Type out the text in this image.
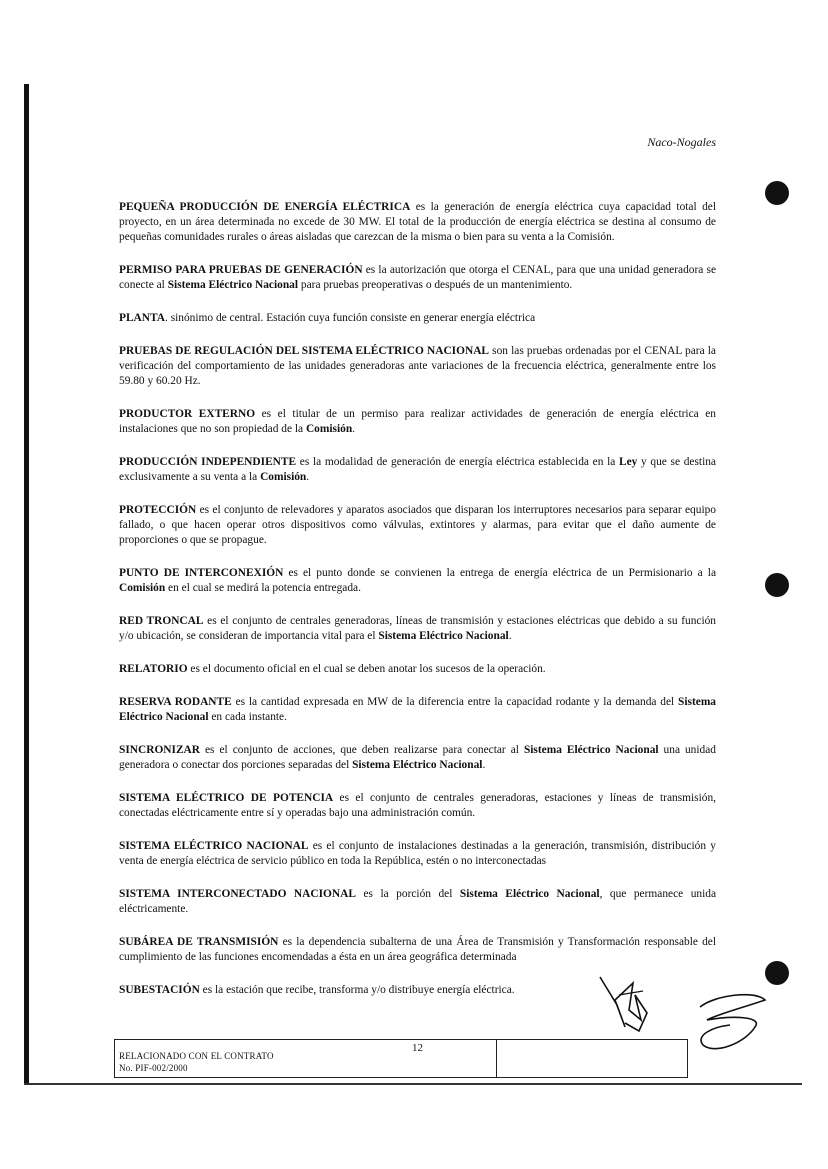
Naco-Nogales

PEQUEÑA PRODUCCIÓN DE ENERGÍA ELÉCTRICA es la generación de energía eléctrica cuya capacidad total del proyecto, en un área determinada no excede de 30 MW. El total de la producción de energía eléctrica se destina al consumo de pequeñas comunidades rurales o áreas aisladas que carezcan de la misma o bien para su venta a la Comisión.

PERMISO PARA PRUEBAS DE GENERACIÓN es la autorización que otorga el CENAL, para que una unidad generadora se conecte al Sistema Eléctrico Nacional para pruebas preoperativas o después de un mantenimiento.

PLANTA. sinónimo de central. Estación cuya función consiste en generar energía eléctrica

PRUEBAS DE REGULACIÓN DEL SISTEMA ELÉCTRICO NACIONAL son las pruebas ordenadas por el CENAL para la verificación del comportamiento de las unidades generadoras ante variaciones de la frecuencia eléctrica, generalmente entre los 59.80 y 60.20 Hz.

PRODUCTOR EXTERNO es el titular de un permiso para realizar actividades de generación de energía eléctrica en instalaciones que no son propiedad de la Comisión.

PRODUCCIÓN INDEPENDIENTE es la modalidad de generación de energía eléctrica establecida en la Ley y que se destina exclusivamente a su venta a la Comisión.

PROTECCIÓN es el conjunto de relevadores y aparatos asociados que disparan los interruptores necesarios para separar equipo fallado, o que hacen operar otros dispositivos como válvulas, extintores y alarmas, para evitar que el daño aumente de proporciones o que se propague.

PUNTO DE INTERCONEXIÓN es el punto donde se convienen la entrega de energía eléctrica de un Permisionario a la Comisión en el cual se medirá la potencia entregada.

RED TRONCAL es el conjunto de centrales generadoras, líneas de transmisión y estaciones eléctricas que debido a su función y/o ubicación, se consideran de importancia vital para el Sistema Eléctrico Nacional.

RELATORIO es el documento oficial en el cual se deben anotar los sucesos de la operación.

RESERVA RODANTE es la cantidad expresada en MW de la diferencia entre la capacidad rodante y la demanda del Sistema Eléctrico Nacional en cada instante.

SINCRONIZAR es el conjunto de acciones, que deben realizarse para conectar al Sistema Eléctrico Nacional una unidad generadora o conectar dos porciones separadas del Sistema Eléctrico Nacional.

SISTEMA ELÉCTRICO DE POTENCIA es el conjunto de centrales generadoras, estaciones y líneas de transmisión, conectadas eléctricamente entre sí y operadas bajo una administración común.

SISTEMA ELÉCTRICO NACIONAL es el conjunto de instalaciones destinadas a la generación, transmisión, distribución y venta de energía eléctrica de servicio público en toda la República, estén o no interconectadas

SISTEMA INTERCONECTADO NACIONAL es la porción del Sistema Eléctrico Nacional, que permanece unida eléctricamente.

SUBÁREA DE TRANSMISIÓN es la dependencia subalterna de una Área de Transmisión y Transformación responsable del cumplimiento de las funciones encomendadas a ésta en un área geográfica determinada

SUBESTACIÓN es la estación que recibe, transforma y/o distribuye energía eléctrica.

12
RELACIONADO CON EL CONTRATO
No. PIF-002/2000
